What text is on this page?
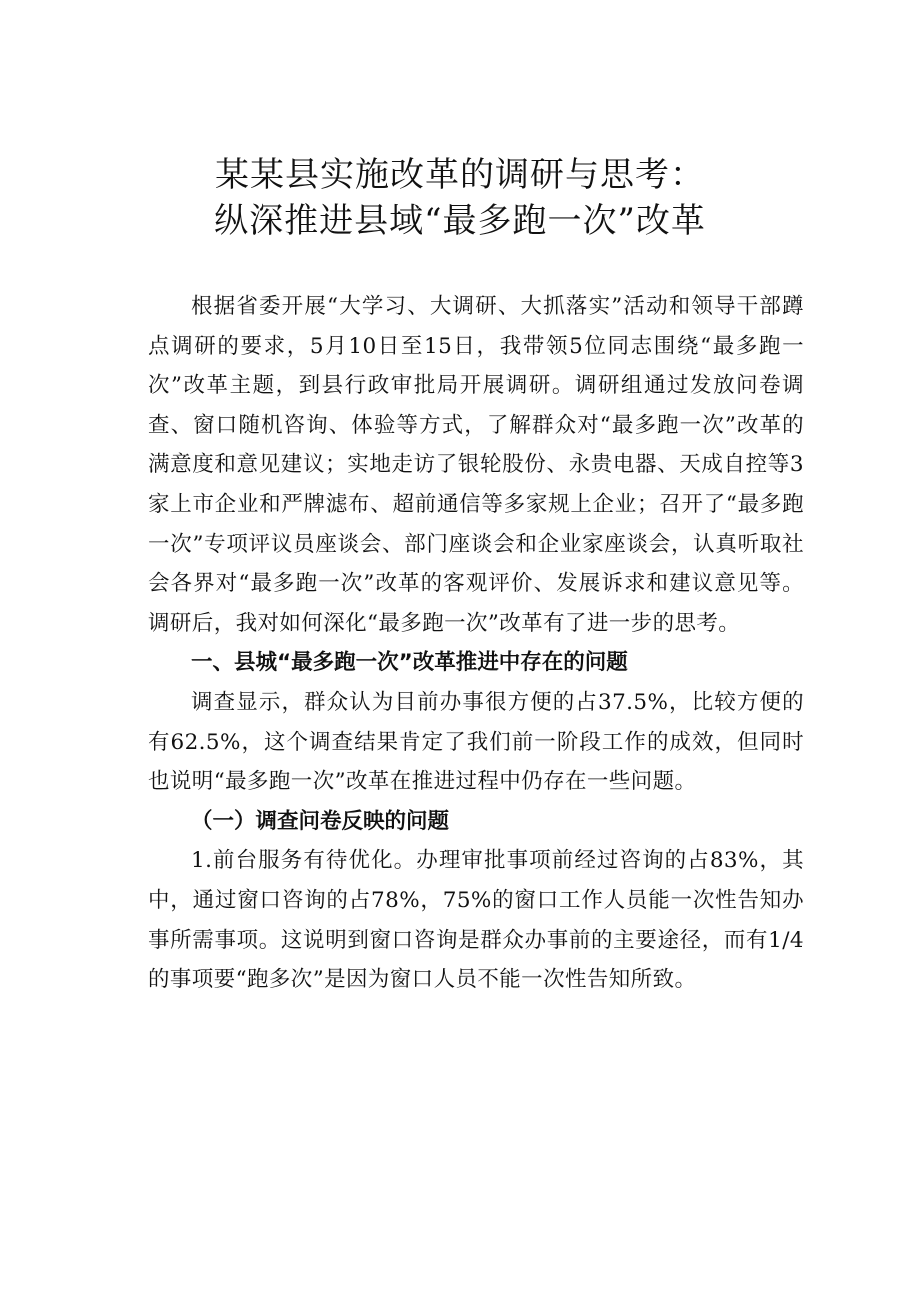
某某县实施改革的调研与思考：
纵深推进县域“最多跑一次”改革

根据省委开展“大学习、大调研、大抓落实”活动和领导干部蹲点调研的要求，5月10日至15日，我带领5位同志围绕“最多跑一次”改革主题，到县行政审批局开展调研。调研组通过发放问卷调查、窗口随机咨询、体验等方式，了解群众对“最多跑一次”改革的满意度和意见建议；实地走访了银轮股份、永贵电器、天成自控等3家上市企业和严牌滤布、超前通信等多家规上企业；召开了“最多跑一次”专项评议员座谈会、部门座谈会和企业家座谈会，认真听取社会各界对“最多跑一次”改革的客观评价、发展诉求和建议意见等。调研后，我对如何深化“最多跑一次”改革有了进一步的思考。

一、县城“最多跑一次”改革推进中存在的问题

调查显示，群众认为目前办事很方便的占37.5%，比较方便的有62.5%，这个调查结果肯定了我们前一阶段工作的成效，但同时也说明“最多跑一次”改革在推进过程中仍存在一些问题。

（一）调查问卷反映的问题

1.前台服务有待优化。办理审批事项前经过咨询的占83%，其中，通过窗口咨询的占78%，75%的窗口工作人员能一次性告知办事所需事项。这说明到窗口咨询是群众办事前的主要途径，而有1/4的事项要“跑多次”是因为窗口人员不能一次性告知所致。
